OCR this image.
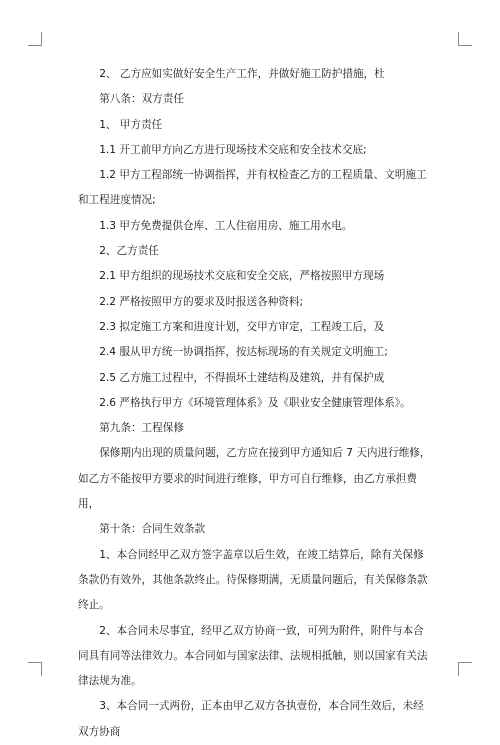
2、 乙方应如实做好安全生产工作，并做好施工防护措施，杜

第八条：双方责任

1、 甲方责任

1.1 开工前甲方向乙方进行现场技术交底和安全技术交底;

1.2 甲方工程部统一协调指挥，并有权检查乙方的工程质量、文明施工和工程进度情况;

1.3 甲方免费提供仓库、工人住宿用房、施工用水电。

2、乙方责任

2.1 甲方组织的现场技术交底和安全交底，严格按照甲方现场

2.2 严格按照甲方的要求及时报送各种资料;

2.3 拟定施工方案和进度计划，交甲方审定，工程竣工后，及

2.4 服从甲方统一协调指挥，按达标现场的有关规定文明施工;

2.5 乙方施工过程中，不得损坏土建结构及建筑，并有保护成

2.6 严格执行甲方《环境管理体系》及《职业安全健康管理体系》。

第九条：工程保修

保修期内出现的质量问题，乙方应在接到甲方通知后 7 天内进行维修，如乙方不能按甲方要求的时间进行维修，甲方可自行维修，由乙方承担费用，

第十条：合同生效条款

1、本合同经甲乙双方签字盖章以后生效，在竣工结算后，除有关保修条款仍有效外，其他条款终止。待保修期满，无质量问题后，有关保修条款终止。

2、本合同未尽事宜，经甲乙双方协商一致，可列为附件，附件与本合同具有同等法律效力。本合同如与国家法律、法规相抵触，则以国家有关法律法规为准。

3、本合同一式两份，正本由甲乙双方各执壹份，本合同生效后，未经双方协商
